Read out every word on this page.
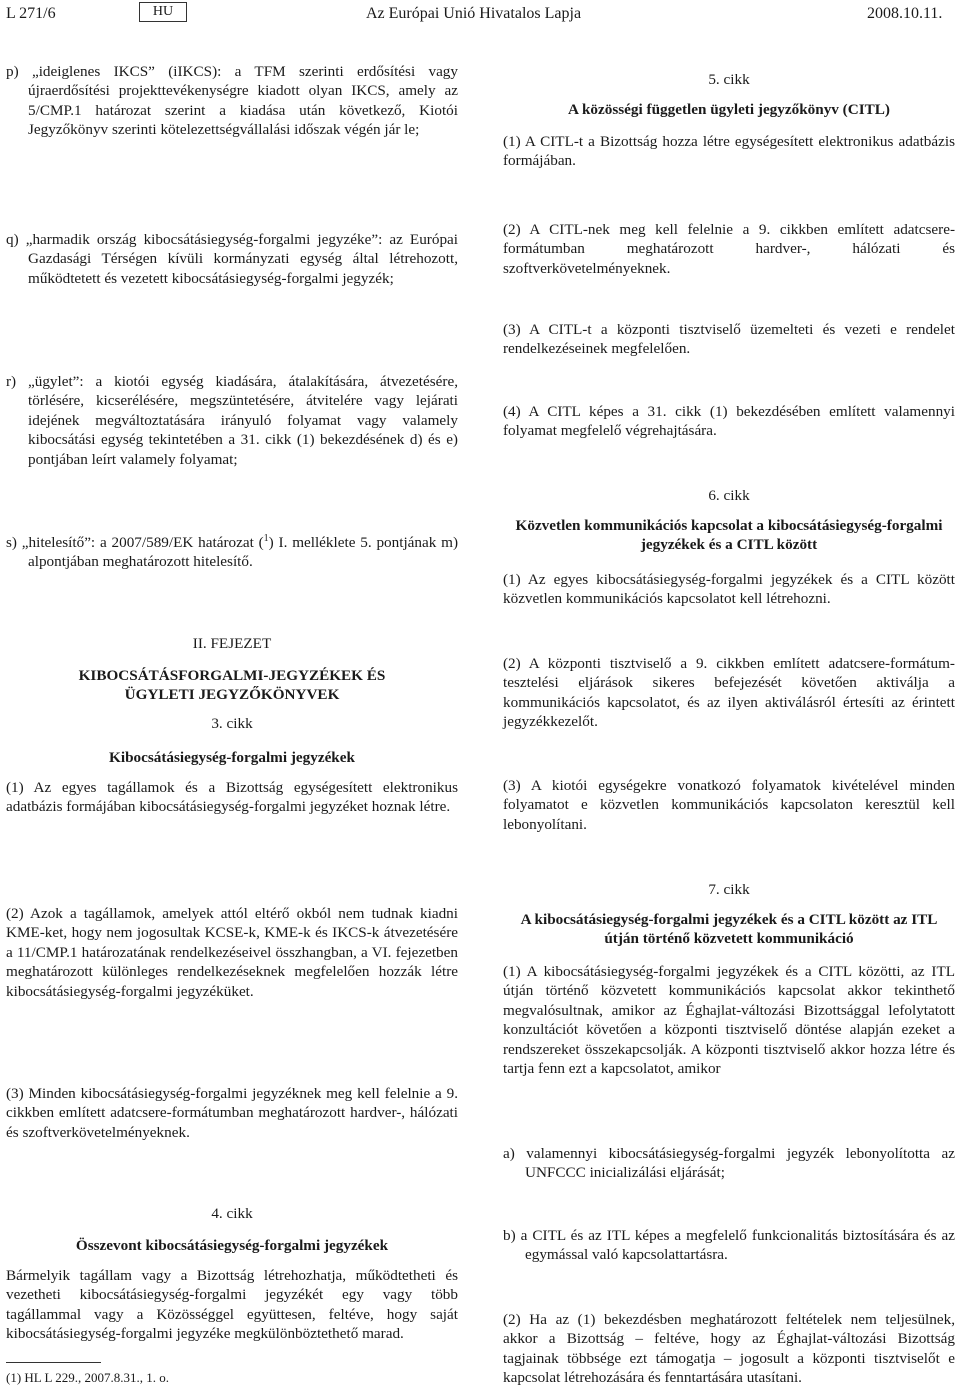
L 271/6	HU	Az Európai Unió Hivatalos Lapja	2008.10.11.
p) „ideiglenes IKCS” (iIKCS): a TFM szerinti erdősítési vagy újraerdősítési projekttevékenységre kiadott olyan IKCS, amely az 5/CMP.1 határozat szerint a kiadása után következő, Kiotói Jegyzőkönyv szerinti kötelezettségvállalási időszak végén jár le;
q) „harmadik ország kibocsátásiegység-forgalmi jegyzéke”: az Európai Gazdasági Térségen kívüli kormányzati egység által létrehozott, működtetett és vezetett kibocsátásiegység-forgalmi jegyzék;
r) „ügylet”: a kiotói egység kiadására, átalakítására, átvezetésére, törlésére, kicserélésére, megszüntetésére, átvitelére vagy lejárati idejének megváltoztatására irányuló folyamat vagy valamely kibocsátási egység tekintetében a 31. cikk (1) bekezdésének d) és e) pontjában leírt valamely folyamat;
s) „hitelesítő”: a 2007/589/EK határozat ($^1$) I. melléklete 5. pontjának m) alpontjában meghatározott hitelesítő.
II. FEJEZET
KIBOCSÁTÁSFORGALMI-JEGYZÉKEK ÉS ÜGYLETI JEGYZŐKÖNYVEK
3. cikk
Kibocsátásiegység-forgalmi jegyzékek
(1) Az egyes tagállamok és a Bizottság egységesített elektronikus adatbázis formájában kibocsátásiegység-forgalmi jegyzéket hoznak létre.
(2) Azok a tagállamok, amelyek attól eltérő okból nem tudnak kiadni KME-ket, hogy nem jogosultak KCSE-k, KME-k és IKCS-k átvezetésére a 11/CMP.1 határozatának rendelkezéseivel összhangban, a VI. fejezetben meghatározott különleges rendelkezéseknek megfelelően hozzák létre kibocsátásiegység-forgalmi jegyzéküket.
(3) Minden kibocsátásiegység-forgalmi jegyzéknek meg kell felelnie a 9. cikkben említett adatcsere-formátumban meghatározott hardver-, hálózati és szoftverkövetelményeknek.
4. cikk
Összevont kibocsátásiegység-forgalmi jegyzékek
Bármelyik tagállam vagy a Bizottság létrehozhatja, működtetheti és vezetheti kibocsátásiegység-forgalmi jegyzékét egy vagy több tagállammal vagy a Közösséggel együttesen, feltéve, hogy saját kibocsátásiegység-forgalmi jegyzéke megkülönböztethető marad.
(1) HL L 229., 2007.8.31., 1. o.
5. cikk
A közösségi független ügyleti jegyzőkönyv (CITL)
(1) A CITL-t a Bizottság hozza létre egységesített elektronikus adatbázis formájában.
(2) A CITL-nek meg kell felelnie a 9. cikkben említett adatcsere-formátumban meghatározott hardver-, hálózati és szoftverkövetelményeknek.
(3) A CITL-t a központi tisztviselő üzemelteti és vezeti e rendelet rendelkezéseinek megfelelően.
(4) A CITL képes a 31. cikk (1) bekezdésében említett valamennyi folyamat megfelelő végrehajtására.
6. cikk
Közvetlen kommunikációs kapcsolat a kibocsátásiegység-forgalmi jegyzékek és a CITL között
(1) Az egyes kibocsátásiegység-forgalmi jegyzékek és a CITL között közvetlen kommunikációs kapcsolatot kell létrehozni.
(2) A központi tisztviselő a 9. cikkben említett adatcsere-formátum-tesztelési eljárások sikeres befejezését követően aktiválja a kommunikációs kapcsolatot, és az ilyen aktiválásról értesíti az érintett jegyzékkezelőt.
(3) A kiotói egységekre vonatkozó folyamatok kivételével minden folyamatot e közvetlen kommunikációs kapcsolaton keresztül kell lebonyolítani.
7. cikk
A kibocsátásiegység-forgalmi jegyzékek és a CITL között az ITL útján történő közvetett kommunikáció
(1) A kibocsátásiegység-forgalmi jegyzékek és a CITL közötti, az ITL útján történő közvetett kommunikációs kapcsolat akkor tekinthető megvalósultnak, amikor az Éghajlat-változási Bizottsággal lefolytatott konzultációt követően a központi tisztviselő döntése alapján ezeket a rendszereket összekapcsolják. A központi tisztviselő akkor hozza létre és tartja fenn ezt a kapcsolatot, amikor
a) valamennyi kibocsátásiegység-forgalmi jegyzék lebonyolította az UNFCCC inicializálási eljárását;
b) a CITL és az ITL képes a megfelelő funkcionalitás biztosítására és az egymással való kapcsolattartásra.
(2) Ha az (1) bekezdésben meghatározott feltételek nem teljesülnek, akkor a Bizottság – feltéve, hogy az Éghajlat-változási Bizottság tagjainak többsége ezt támogatja – jogosult a központi tisztviselőt e kapcsolat létrehozására és fenntartására utasítani.
